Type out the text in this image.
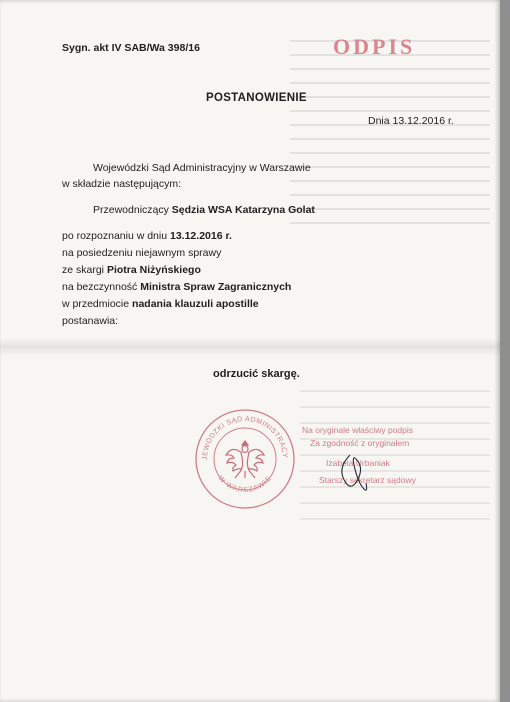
Sygn. akt IV SAB/Wa 398/16	ODPIS
POSTANOWIENIE
Dnia 13.12.2016 r.
Wojewódzki Sąd Administracyjny w Warszawie
w składzie następującym:
Przewodniczący Sędzia WSA Katarzyna Golat
po rozpoznaniu w dniu 13.12.2016 r.
na posiedzeniu niejawnym sprawy
ze skargi Piotra Niżyńskiego
na bezczynność Ministra Spraw Zagranicznych
w przedmiocie nadania klauzuli apostille
postanawia:
odrzucić skargę.
JEWÓDZKI SĄD ADMINISTRACY
W WARSZAWIE
Na oryginale właściwy podpis
Za zgodność z oryginałem
Izabela Urbaniak
Starszy sekretarz sądowy
